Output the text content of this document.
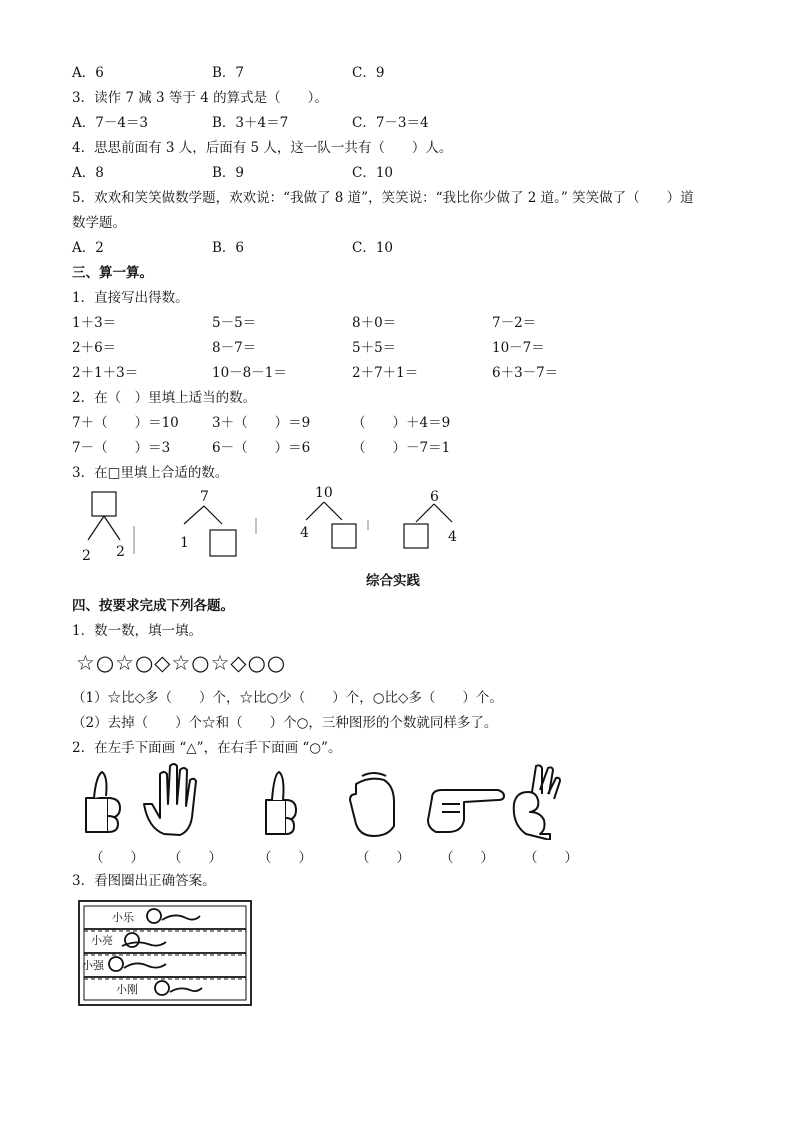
A．6	B．7	C．9
3．读作 7 减 3 等于 4 的算式是（　　）。
A．7－4＝3	B．3＋4＝7	C．7－3＝4
4．思思前面有 3 人，后面有 5 人，这一队一共有（　　）人。
A．8	B．9	C．10
5．欢欢和笑笑做数学题，欢欢说：“我做了 8 道”，笑笑说：“我比你少做了 2 道。” 笑笑做了（　　）道
数学题。
A．2	B．6	C．10
三、算一算。
1．直接写出得数。
1＋3＝	5－5＝	8＋0＝	7－2＝
2＋6＝	8－7＝	5＋5＝	10－7＝
2＋1＋3＝	10－8－1＝	2＋7＋1＝	6＋3－7＝
2．在（　）里填上适当的数。
7＋（　　）＝10 3＋（　　）＝9	（　　）＋4＝9
7－（　　）＝3	6－（　　）＝6	（　　）－7＝1
3．在□里填上合适的数。
2 2
7
1
10
4
6
4
综合实践
四、按要求完成下列各题。
1．数一数，填一填。
☆○☆○◇☆○☆◇○○
（1）☆比◇多（　　）个，☆比○少（　　）个，○比◇多（　　）个。
（2）去掉（　　）个☆和（　　）个○，三种图形的个数就同样多了。
2．在左手下面画 “△”，在右手下面画 “○”。
（　　） （　　）	（　　）	（　　） （　　） （　　）
3．看图圈出正确答案。
小乐
小亮
小强
小刚
